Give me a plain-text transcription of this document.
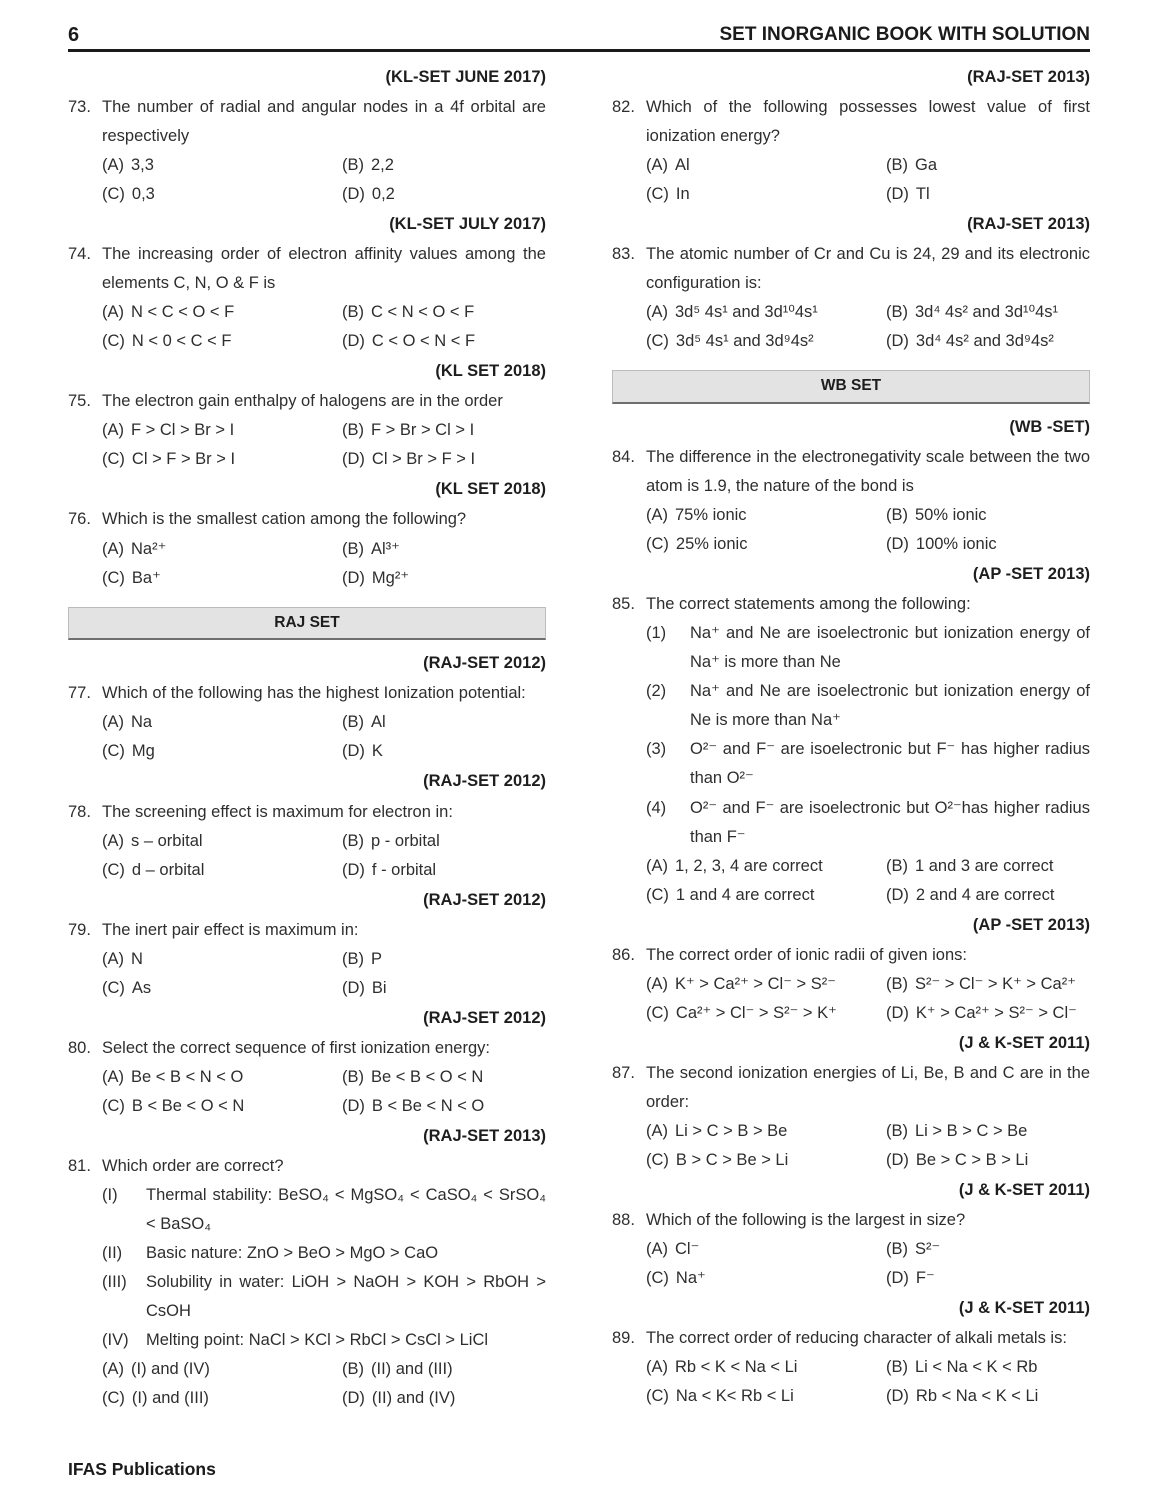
6	SET INORGANIC BOOK WITH SOLUTION
(KL-SET JUNE 2017)
73. The number of radial and angular nodes in a 4f orbital are respectively
(A) 3,3	(B) 2,2
(C) 0,3	(D) 0,2
(KL-SET JULY 2017)
74. The increasing order of electron affinity values among the elements C, N, O & F is
(A) N < C < O < F	(B) C < N < O < F
(C) N < 0 < C < F	(D) C < O < N < F
(KL SET 2018)
75. The electron gain enthalpy of halogens are in the order
(A) F > Cl > Br > I	(B) F > Br > Cl > I
(C) Cl > F > Br > I	(D) Cl > Br > F > I
(KL SET 2018)
76. Which is the smallest cation among the following?
(A) Na²⁺	(B) Al³⁺
(C) Ba⁺	(D) Mg²⁺
RAJ SET
(RAJ-SET 2012)
77. Which of the following has the highest Ionization potential:
(A) Na	(B) Al
(C) Mg	(D) K
(RAJ-SET 2012)
78. The screening effect is maximum for electron in:
(A) s – orbital	(B) p - orbital
(C) d – orbital	(D) f - orbital
(RAJ-SET 2012)
79. The inert pair effect is maximum in:
(A) N	(B) P
(C) As	(D) Bi
(RAJ-SET 2012)
80. Select the correct sequence of first ionization energy:
(A) Be < B < N < O	(B) Be < B < O < N
(C) B < Be < O < N	(D) B < Be < N < O
(RAJ-SET 2013)
81. Which order are correct?
(I)	Thermal stability: BeSO₄ < MgSO₄ < CaSO₄ < SrSO₄ < BaSO₄
(II)	Basic nature: ZnO > BeO > MgO > CaO
(III)	Solubility in water: LiOH > NaOH > KOH > RbOH > CsOH
(IV)	Melting point: NaCl > KCl > RbCl > CsCl > LiCl
(A) (I) and (IV)	(B) (II) and (III)
(C) (I) and (III)	(D) (II) and (IV)
(RAJ-SET 2013)
82. Which of the following possesses lowest value of first ionization energy?
(A) Al	(B) Ga
(C) In	(D) Tl
(RAJ-SET 2013)
83. The atomic number of Cr and Cu is 24, 29 and its electronic configuration is:
(A) 3d⁵ 4s¹ and 3d¹⁰4s¹	(B) 3d⁴ 4s² and 3d¹⁰4s¹
(C) 3d⁵ 4s¹ and 3d⁹4s²	(D) 3d⁴ 4s² and 3d⁹4s²
WB SET
(WB -SET)
84. The difference in the electronegativity scale between the two atom is 1.9, the nature of the bond is
(A) 75% ionic	(B) 50% ionic
(C) 25% ionic	(D) 100% ionic
(AP -SET 2013)
85. The correct statements among the following:
(1)	Na⁺ and Ne are isoelectronic but ionization energy of Na⁺ is more than Ne
(2)	Na⁺ and Ne are isoelectronic but ionization energy of Ne is more than Na⁺
(3)	O²⁻ and F⁻ are isoelectronic but F⁻ has higher radius than O²⁻
(4)	O²⁻ and F⁻ are isoelectronic but O²⁻has higher radius than F⁻
(A) 1, 2, 3, 4 are correct	(B) 1 and 3 are correct
(C) 1 and 4 are correct	(D) 2 and 4 are correct
(AP -SET 2013)
86. The correct order of ionic radii of given ions:
(A) K⁺ > Ca²⁺ > Cl⁻ > S²⁻	(B) S²⁻ > Cl⁻ > K⁺ > Ca²⁺
(C) Ca²⁺ > Cl⁻ > S²⁻ > K⁺	(D) K⁺ > Ca²⁺ > S²⁻ > Cl⁻
(J & K-SET 2011)
87. The second ionization energies of Li, Be, B and C are in the order:
(A) Li > C > B > Be	(B) Li > B > C > Be
(C) B > C > Be > Li	(D) Be > C > B > Li
(J & K-SET 2011)
88. Which of the following is the largest in size?
(A) Cl⁻	(B) S²⁻
(C) Na⁺	(D) F⁻
(J & K-SET 2011)
89. The correct order of reducing character of alkali metals is:
(A) Rb < K < Na < Li	(B) Li < Na < K < Rb
(C) Na < K< Rb < Li	(D) Rb < Na < K < Li
IFAS Publications
